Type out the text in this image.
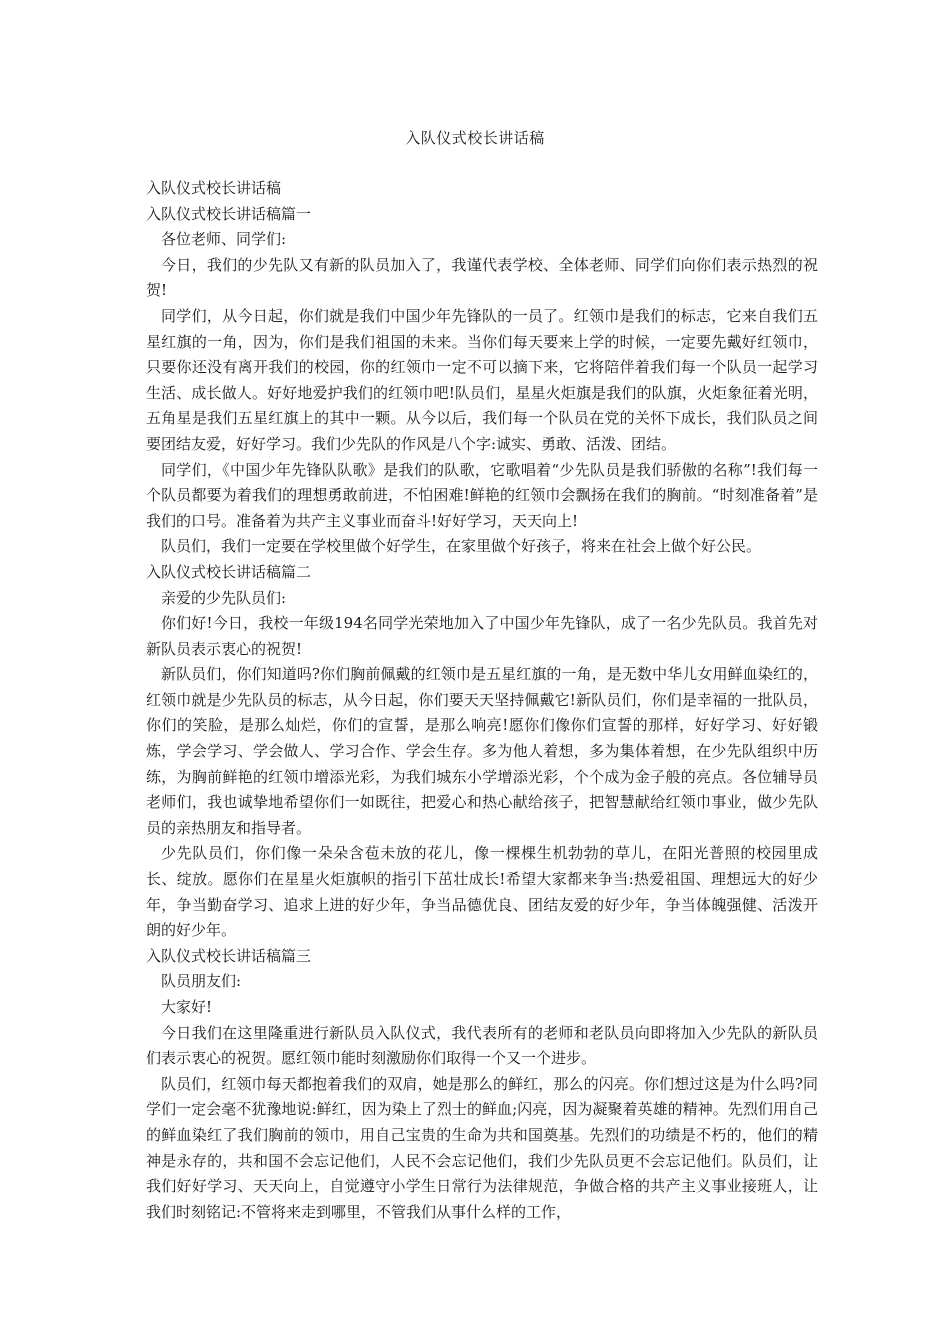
入队仪式校长讲话稿

入队仪式校长讲话稿

入队仪式校长讲话稿篇一

各位老师、同学们:

今日，我们的少先队又有新的队员加入了，我谨代表学校、全体老师、同学们向你们表示热烈的祝贺!

同学们，从今日起，你们就是我们中国少年先锋队的一员了。红领巾是我们的标志，它来自我们五星红旗的一角，因为，你们是我们祖国的未来。当你们每天要来上学的时候，一定要先戴好红领巾，只要你还没有离开我们的校园，你的红领巾一定不可以摘下来，它将陪伴着我们每一个队员一起学习生活、成长做人。好好地爱护我们的红领巾吧!队员们，星星火炬旗是我们的队旗，火炬象征着光明，五角星是我们五星红旗上的其中一颗。从今以后，我们每一个队员在党的关怀下成长，我们队员之间要团结友爱，好好学习。我们少先队的作风是八个字:诚实、勇敢、活泼、团结。

同学们，《中国少年先锋队队歌》是我们的队歌，它歌唱着“少先队员是我们骄傲的名称”!我们每一个队员都要为着我们的理想勇敢前进，不怕困难!鲜艳的红领巾会飘扬在我们的胸前。“时刻准备着”是我们的口号。准备着为共产主义事业而奋斗!好好学习，天天向上!

队员们，我们一定要在学校里做个好学生，在家里做个好孩子，将来在社会上做个好公民。

入队仪式校长讲话稿篇二

亲爱的少先队员们:

你们好!今日，我校一年级194名同学光荣地加入了中国少年先锋队，成了一名少先队员。我首先对新队员表示衷心的祝贺!

新队员们，你们知道吗?你们胸前佩戴的红领巾是五星红旗的一角，是无数中华儿女用鲜血染红的，红领巾就是少先队员的标志，从今日起，你们要天天坚持佩戴它!新队员们，你们是幸福的一批队员，你们的笑脸，是那么灿烂，你们的宣誓，是那么响亮!愿你们像你们宣誓的那样，好好学习、好好锻炼，学会学习、学会做人、学习合作、学会生存。多为他人着想，多为集体着想，在少先队组织中历练，为胸前鲜艳的红领巾增添光彩，为我们城东小学增添光彩，个个成为金子般的亮点。各位辅导员老师们，我也诚挚地希望你们一如既往，把爱心和热心献给孩子，把智慧献给红领巾事业，做少先队员的亲热朋友和指导者。

少先队员们，你们像一朵朵含苞未放的花儿，像一棵棵生机勃勃的草儿，在阳光普照的校园里成长、绽放。愿你们在星星火炬旗帜的指引下茁壮成长!希望大家都来争当:热爱祖国、理想远大的好少年，争当勤奋学习、追求上进的好少年，争当品德优良、团结友爱的好少年，争当体魄强健、活泼开朗的好少年。

入队仪式校长讲话稿篇三

队员朋友们:

大家好!

今日我们在这里隆重进行新队员入队仪式，我代表所有的老师和老队员向即将加入少先队的新队员们表示衷心的祝贺。愿红领巾能时刻激励你们取得一个又一个进步。

队员们，红领巾每天都抱着我们的双肩，她是那么的鲜红，那么的闪亮。你们想过这是为什么吗?同学们一定会毫不犹豫地说:鲜红，因为染上了烈士的鲜血;闪亮，因为凝聚着英雄的精神。先烈们用自己的鲜血染红了我们胸前的领巾，用自己宝贵的生命为共和国奠基。先烈们的功绩是不朽的，他们的精神是永存的，共和国不会忘记他们，人民不会忘记他们，我们少先队员更不会忘记他们。队员们，让我们好好学习、天天向上，自觉遵守小学生日常行为法律规范，争做合格的共产主义事业接班人，让我们时刻铭记:不管将来走到哪里，不管我们从事什么样的工作，
